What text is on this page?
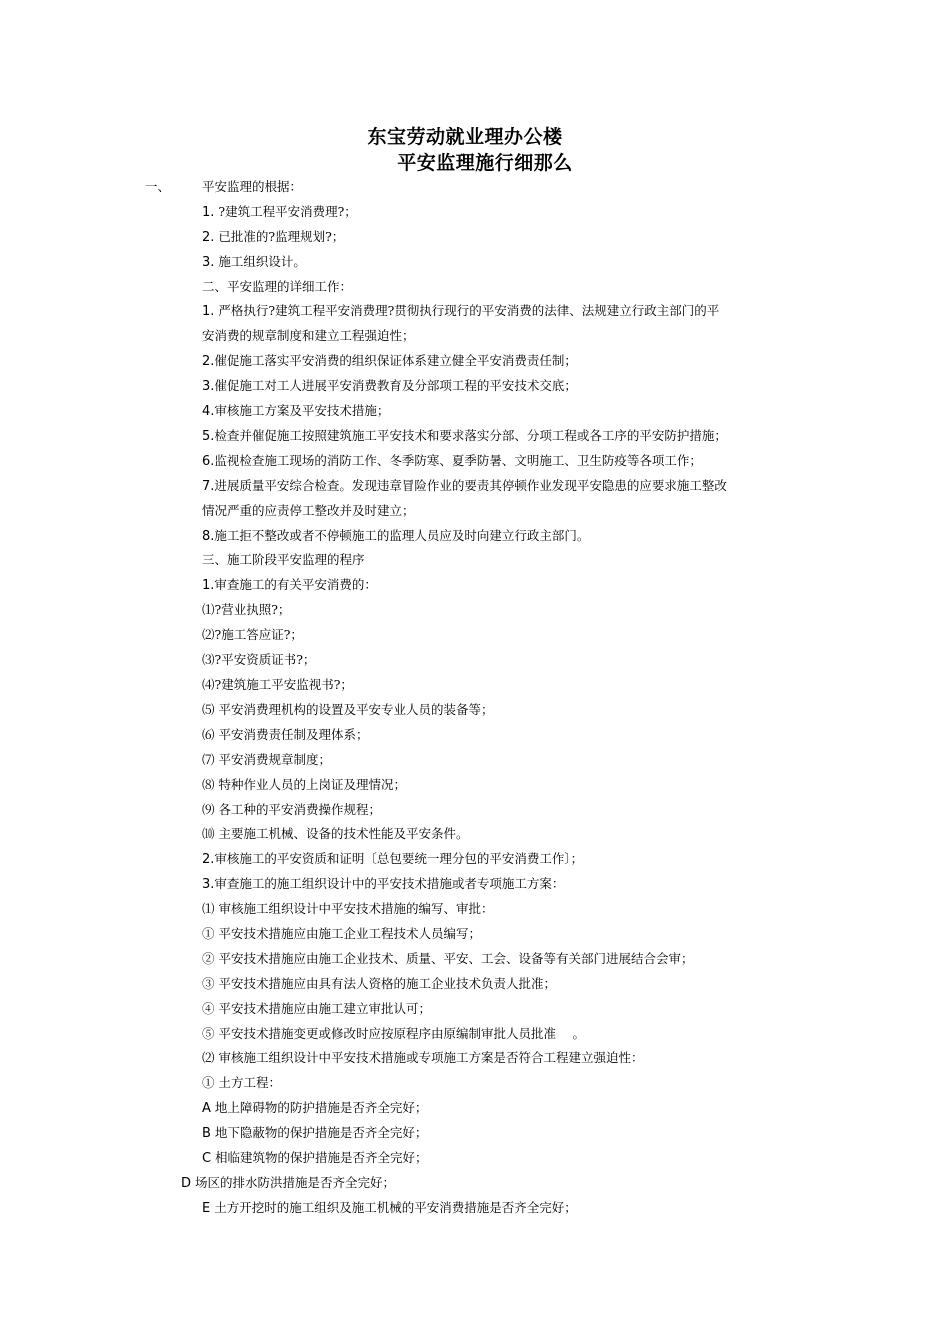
东宝劳动就业理办公楼
平安监理施行细那么
一、	平安监理的根据：
1. ?建筑工程平安消费理?；
2. 已批准的?监理规划?；
3. 施工组织设计。
二、平安监理的详细工作：
1. 严格执行?建筑工程平安消费理?贯彻执行现行的平安消费的法律、法规建立行政主部门的平
安消费的规章制度和建立工程强迫性；
2.催促施工落实平安消费的组织保证体系建立健全平安消费责任制；
3.催促施工对工人进展平安消费教育及分部项工程的平安技术交底；
4.审核施工方案及平安技术措施；
5.检查并催促施工按照建筑施工平安技术和要求落实分部、分项工程或各工序的平安防护措施；
6.监视检查施工现场的消防工作、冬季防寒、夏季防暑、文明施工、卫生防疫等各项工作；
7.进展质量平安综合检查。发现违章冒险作业的要责其停顿作业发现平安隐患的应要求施工整改
情况严重的应责停工整改并及时建立；
8.施工拒不整改或者不停顿施工的监理人员应及时向建立行政主部门。
三、施工阶段平安监理的程序
1.审查施工的有关平安消费的：
⑴?营业执照?；
⑵?施工答应证?；
⑶?平安资质证书?；
⑷?建筑施工平安监视书?；
⑸ 平安消费理机构的设置及平安专业人员的装备等；
⑹ 平安消费责任制及理体系；
⑺ 平安消费规章制度；
⑻ 特种作业人员的上岗证及理情况；
⑼ 各工种的平安消费操作规程；
⑽ 主要施工机械、设备的技术性能及平安条件。
2.审核施工的平安资质和证明〔总包要统一理分包的平安消费工作〕；
3.审查施工的施工组织设计中的平安技术措施或者专项施工方案：
⑴ 审核施工组织设计中平安技术措施的编写、审批：
① 平安技术措施应由施工企业工程技术人员编写；
② 平安技术措施应由施工企业技术、质量、平安、工会、设备等有关部门进展结合会审；
③ 平安技术措施应由具有法人资格的施工企业技术负责人批准；
④ 平安技术措施应由施工建立审批认可；
⑤ 平安技术措施变更或修改时应按原程序由原编制审批人员批准　 。
⑵ 审核施工组织设计中平安技术措施或专项施工方案是否符合工程建立强迫性：
① 土方工程：
A 地上障碍物的防护措施是否齐全完好；
B 地下隐蔽物的保护措施是否齐全完好；
C 相临建筑物的保护措施是否齐全完好；
D 场区的排水防洪措施是否齐全完好；
E 土方开挖时的施工组织及施工机械的平安消费措施是否齐全完好；
